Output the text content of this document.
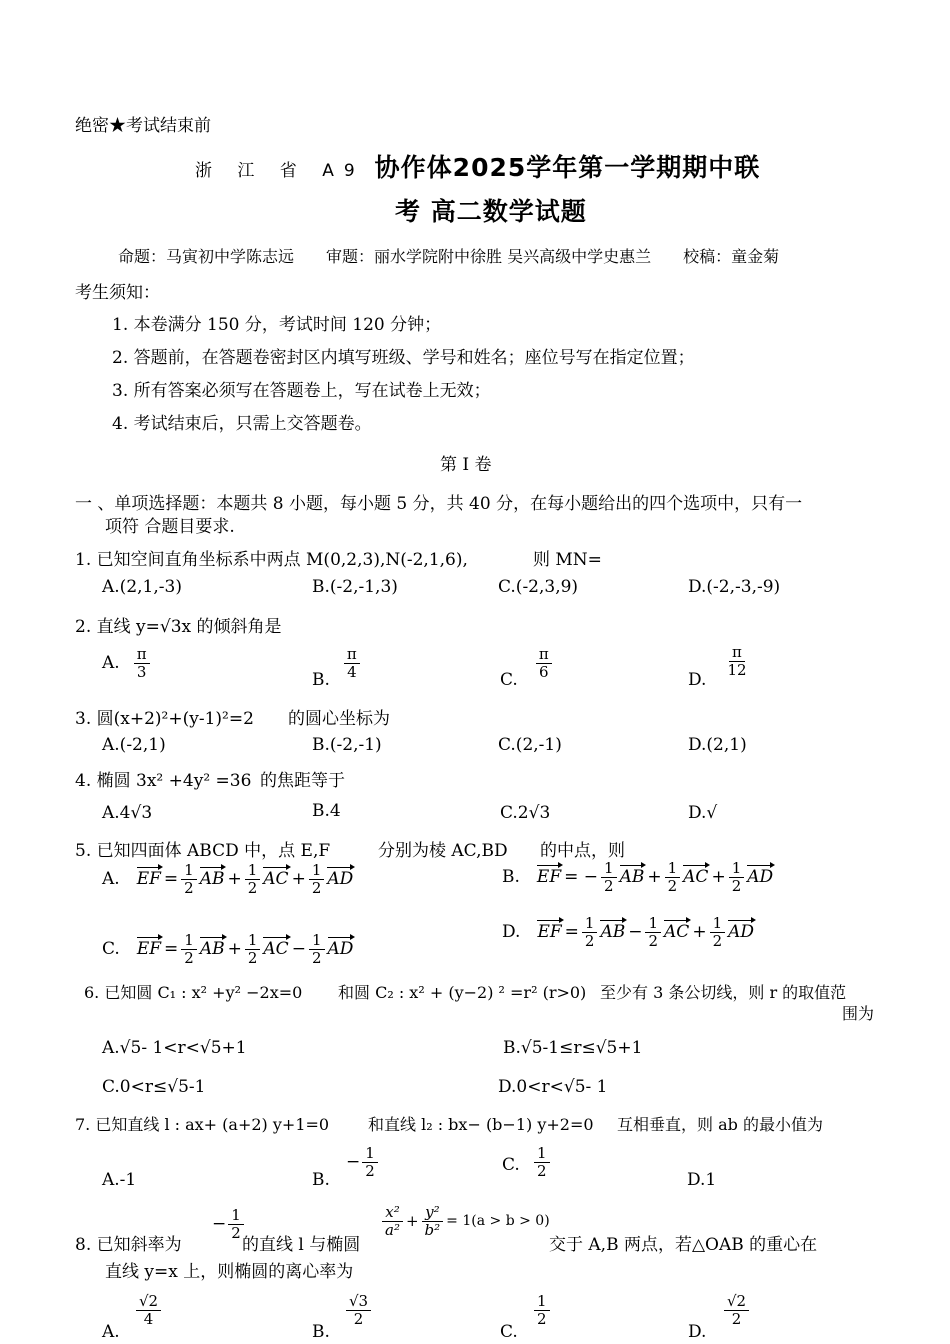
绝密★考试结束前
浙 江 省 A9 协作体2025学年第一学期期中联
考 高二数学试题
命题：马寅初中学陈志远　　审题：丽水学院附中徐胜 吴兴高级中学史惠兰　　校稿：童金菊
考生须知：
1. 本卷满分 150 分，考试时间 120 分钟；
2. 答题前，在答题卷密封区内填写班级、学号和姓名；座位号写在指定位置；
3. 所有答案必须写在答题卷上，写在试卷上无效；
4. 考试结束后，只需上交答题卷。
第 I 卷
一 、单项选择题：本题共 8 小题，每小题 5 分，共 40 分，在每小题给出的四个选项中，只有一
项符 合题目要求.
1. 已知空间直角坐标系中两点 M(0,2,3),N(-2,1,6),	则 MN=
A.(2,1,-3)	B.(-2,-1,3)	C.(-2,3,9)	D.(-2,-3,-9)
2. 直线 y=√3x 的倾斜角是
A. $\frac{\pi}{3}$	B. $\frac{\pi}{4}$	C. $\frac{\pi}{6}$	D.
$\frac{\pi}{12}$
3. 圆(x+2)²+(y-1)²=2 的圆心坐标为
A.(-2,1)	B.(-2,-1)	C.(2,-1)	D.(2,1)
4. 椭圆 3x² +4y² =36 的焦距等于
A.4√3	B.4	C.2√3	D.√
5. 已知四面体 ABCD 中，点 E,F	分别为棱 AC,BD 的中点，则
A. EF = $\frac{1}{2}$ AB + $\frac{1}{2}$ AC + $\frac{1}{2}$ AD	B. EF = − $\frac{1}{2}$ AB + $\frac{1}{2}$ AC + $\frac{1}{2}$ AD
C. EF = $\frac{1}{2}$ AB + $\frac{1}{2}$ AC − $\frac{1}{2}$ AD
D. EF = $\frac{1}{2}$ AB − $\frac{1}{2}$ AC + $\frac{1}{2}$ AD
6. 已知圆 C₁ : x² +y² −2x=0 和圆 C₂ : x² + (y−2) ² =r² (r>0) 至少有 3 条公切线，则 r 的取值范
围为
A.√5- 1<r<√5+1	B.√5-1≤r≤√5+1
C.0<r≤√5-1	D.0<r<√5- 1
7. 已知直线 l : ax+ (a+2) y+1=0 和直线 l₂ : bx− (b−1) y+2=0 互相垂直，则 ab 的最小值为
A.-1	B.
− $\frac{1}{2}$	C. $\frac{1}{2}$
D.1
8. 已知斜率为
− $\frac{1}{2}$
的直线 l 与椭圆
$\frac{\text{x²}}{\text{a²}} + \frac{\text{y²}}{\text{b²}} = 1(a > b > 0)$
交于 A,B 两点，若△OAB 的重心在
直线 y=x 上，则椭圆的离心率为
A.
$\frac{√2}{4}$
B.
$\frac{√3}{2}$
C.
$\frac{1}{2}$
D.
$\frac{√2}{2}$
